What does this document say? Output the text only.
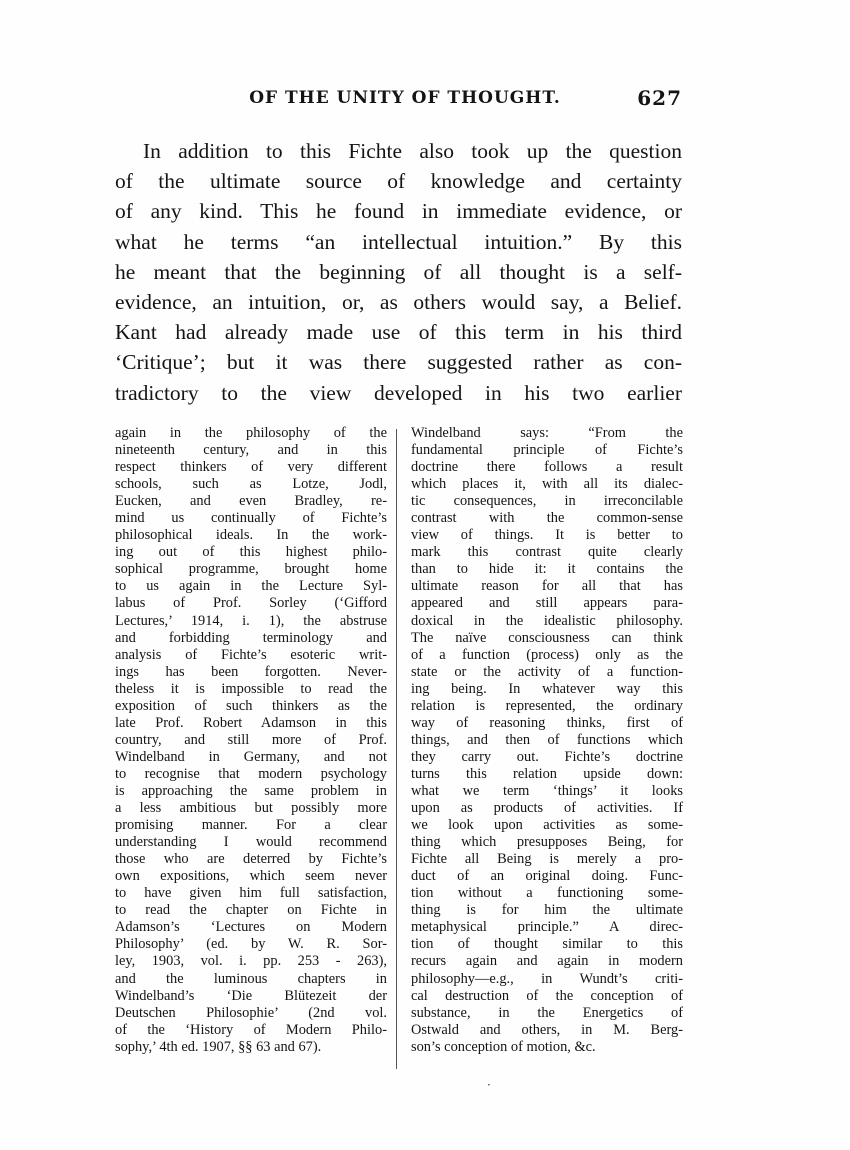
OF THE UNITY OF THOUGHT.	627
In addition to this Fichte also took up the question
of the ultimate source of knowledge and certainty
of any kind. This he found in immediate evidence, or
what he terms “an intellectual intuition.” By this
he meant that the beginning of all thought is a self-
evidence, an intuition, or, as others would say, a Belief.
Kant had already made use of this term in his third
‘Critique’; but it was there suggested rather as con-
tradictory to the view developed in his two earlier
again in the philosophy of the
nineteenth century, and in this
respect thinkers of very different
schools, such as Lotze, Jodl,
Eucken, and even Bradley, re-
mind us continually of Fichte’s
philosophical ideals. In the work-
ing out of this highest philo-
sophical programme, brought home
to us again in the Lecture Syl-
labus of Prof. Sorley (‘Gifford
Lectures,’ 1914, i. 1), the abstruse
and forbidding terminology and
analysis of Fichte’s esoteric writ-
ings has been forgotten. Never-
theless it is impossible to read the
exposition of such thinkers as the
late Prof. Robert Adamson in this
country, and still more of Prof.
Windelband in Germany, and not
to recognise that modern psychology
is approaching the same problem in
a less ambitious but possibly more
promising manner. For a clear
understanding I would recommend
those who are deterred by Fichte’s
own expositions, which seem never
to have given him full satisfaction,
to read the chapter on Fichte in
Adamson’s ‘Lectures on Modern
Philosophy’ (ed. by W. R. Sor-
ley, 1903, vol. i. pp. 253 - 263),
and the luminous chapters in
Windelband’s ‘Die Blütezeit der
Deutschen Philosophie’ (2nd vol.
of the ‘History of Modern Philo-
sophy,’ 4th ed. 1907, §§ 63 and 67).
Windelband says: “From the
fundamental principle of Fichte’s
doctrine there follows a result
which places it, with all its dialec-
tic consequences, in irreconcilable
contrast with the common-sense
view of things. It is better to
mark this contrast quite clearly
than to hide it: it contains the
ultimate reason for all that has
appeared and still appears para-
doxical in the idealistic philosophy.
The naïve consciousness can think
of a function (process) only as the
state or the activity of a function-
ing being. In whatever way this
relation is represented, the ordinary
way of reasoning thinks, first of
things, and then of functions which
they carry out. Fichte’s doctrine
turns this relation upside down:
what we term ‘things’ it looks
upon as products of activities. If
we look upon activities as some-
thing which presupposes Being, for
Fichte all Being is merely a pro-
duct of an original doing. Func-
tion without a functioning some-
thing is for him the ultimate
metaphysical principle.” A direc-
tion of thought similar to this
recurs again and again in modern
philosophy—e.g., in Wundt’s criti-
cal destruction of the conception of
substance, in the Energetics of
Ostwald and others, in M. Berg-
son’s conception of motion, &c.
·
